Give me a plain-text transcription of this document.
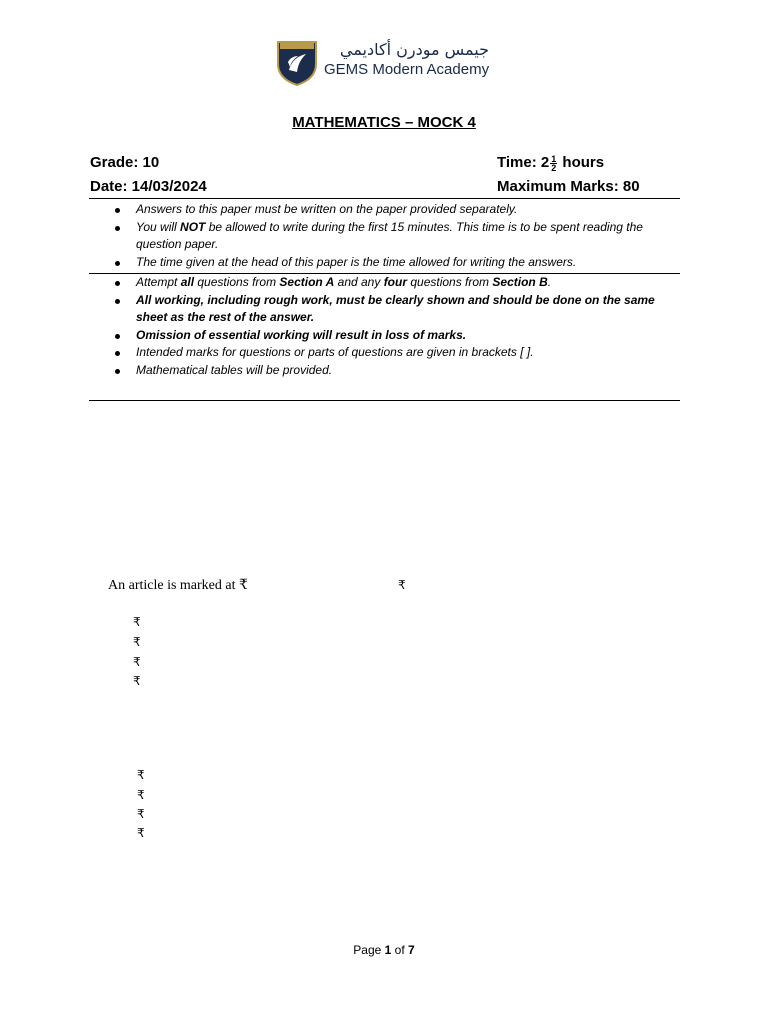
جيمس مودرن أكاديمي
GEMS Modern Academy
MATHEMATICS – MOCK 4
Grade: 10	Time: $2 \frac{1}{2}$ hours
Date: 14/03/2024	Maximum Marks: 80
Answers to this paper must be written on the paper provided separately.
You will NOT be allowed to write during the first 15 minutes. This time is to be spent reading the question paper.
The time given at the head of this paper is the time allowed for writing the answers.
Attempt all questions from Section A and any four questions from Section B.
All working, including rough work, must be clearly shown and should be done on the same sheet as the rest of the answer.
Omission of essential working will result in loss of marks.
Intended marks for questions or parts of questions are given in brackets [ ].
Mathematical tables will be provided.
An article is marked at ₹	₹
₹
₹
₹
₹
₹
₹
₹
₹
Page 1 of 7
